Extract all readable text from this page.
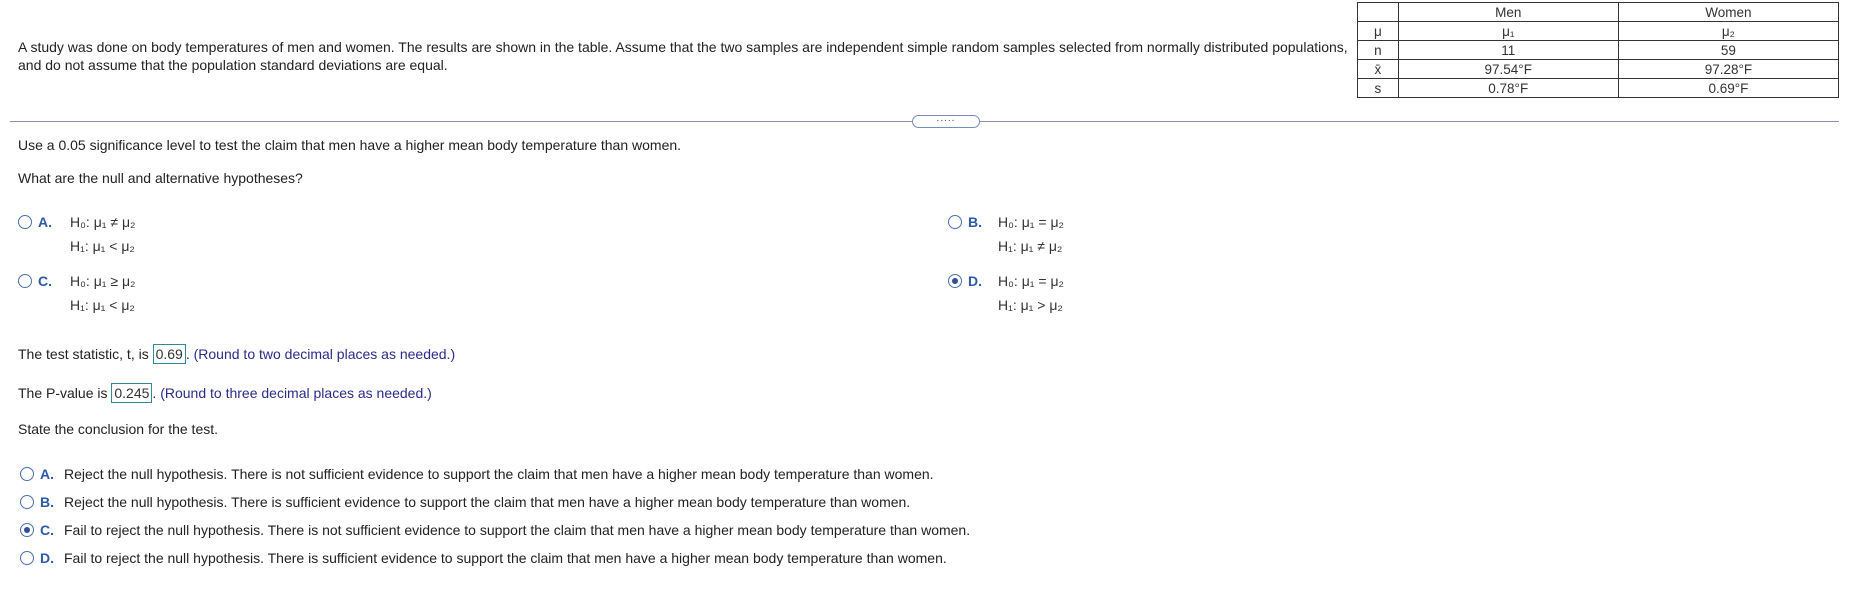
A study was done on body temperatures of men and women. The results are shown in the table. Assume that the two samples are independent simple random samples selected from normally distributed populations, and do not assume that the population standard deviations are equal.
	Men	Women
μ	μ₁	μ₂
n	11	59
x̄	97.54°F	97.28°F
s	0.78°F	0.69°F
.....
Use a 0.05 significance level to test the claim that men have a higher mean body temperature than women.
What are the null and alternative hypotheses?
A.	H₀: μ₁ ≠ μ₂
H₁: μ₁ < μ₂
B.	H₀: μ₁ = μ₂
H₁: μ₁ ≠ μ₂
C.	H₀: μ₁ ≥ μ₂
H₁: μ₁ < μ₂
D.	H₀: μ₁ = μ₂
H₁: μ₁ > μ₂
The test statistic, t, is 0.69 . (Round to two decimal places as needed.)
The P-value is 0.245 . (Round to three decimal places as needed.)
State the conclusion for the test.
A. Reject the null hypothesis. There is not sufficient evidence to support the claim that men have a higher mean body temperature than women.
B. Reject the null hypothesis. There is sufficient evidence to support the claim that men have a higher mean body temperature than women.
C. Fail to reject the null hypothesis. There is not sufficient evidence to support the claim that men have a higher mean body temperature than women.
D. Fail to reject the null hypothesis. There is sufficient evidence to support the claim that men have a higher mean body temperature than women.
